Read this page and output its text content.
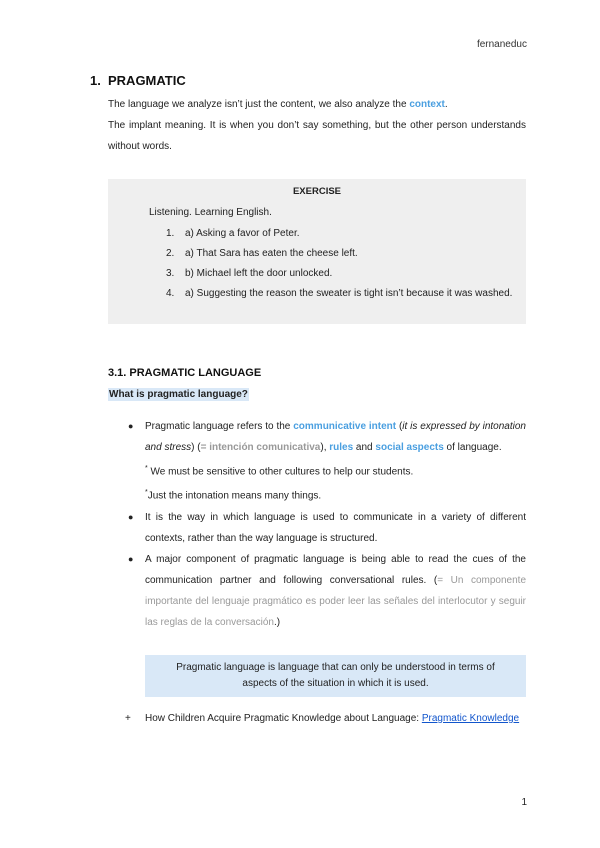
fernaneduc
1. PRAGMATIC
The language we analyze isn’t just the content, we also analyze the context.
The implant meaning. It is when you don’t say something, but the other person understands without words.
EXERCISE
Listening. Learning English.
1. a) Asking a favor of Peter.
2. a) That Sara has eaten the cheese left.
3. b) Michael left the door unlocked.
4. a) Suggesting the reason the sweater is tight isn’t because it was washed.
3.1. PRAGMATIC LANGUAGE
What is pragmatic language?
● Pragmatic language refers to the communicative intent (it is expressed by intonation and stress) (= intención comunicativa), rules and social aspects of language.
* We must be sensitive to other cultures to help our students.
*Just the intonation means many things.
● It is the way in which language is used to communicate in a variety of different contexts, rather than the way language is structured.
● A major component of pragmatic language is being able to read the cues of the communication partner and following conversational rules. (= Un componente importante del lenguaje pragmático es poder leer las señales del interlocutor y seguir las reglas de la conversación.)
Pragmatic language is language that can only be understood in terms of aspects of the situation in which it is used.
+	How Children Acquire Pragmatic Knowledge about Language: Pragmatic Knowledge
1
